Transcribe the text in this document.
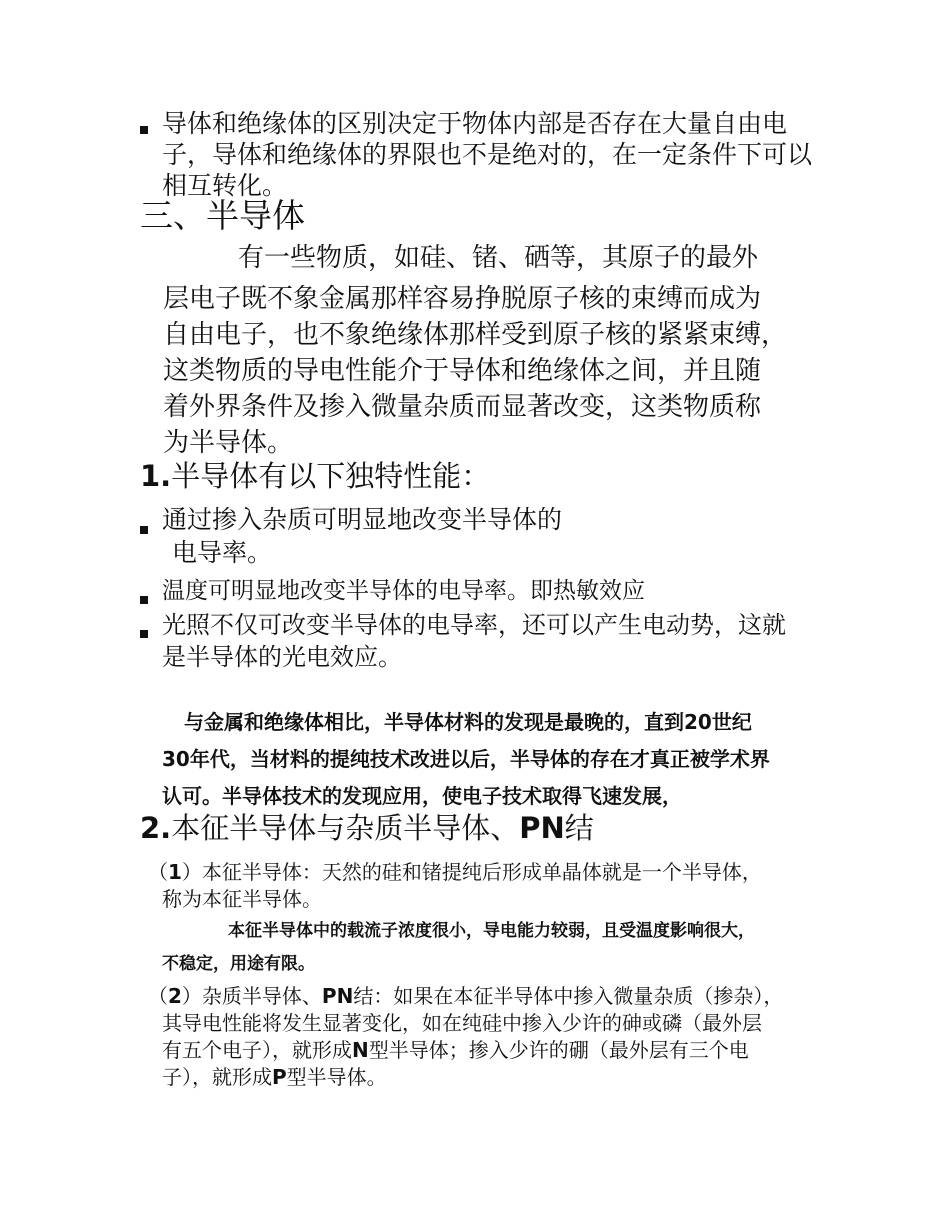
导体和绝缘体的区别决定于物体内部是否存在大量自由电
子，导体和绝缘体的界限也不是绝对的，在一定条件下可以
相互转化。
三、半导体
有一些物质，如硅、锗、硒等，其原子的最外
层电子既不象金属那样容易挣脱原子核的束缚而成为
自由电子，也不象绝缘体那样受到原子核的紧紧束缚，
这类物质的导电性能介于导体和绝缘体之间，并且随
着外界条件及掺入微量杂质而显著改变，这类物质称
为半导体。
1.半导体有以下独特性能：
通过掺入杂质可明显地改变半导体的
电导率。
温度可明显地改变半导体的电导率。即热敏效应
光照不仅可改变半导体的电导率，还可以产生电动势，这就
是半导体的光电效应。
与金属和绝缘体相比，半导体材料的发现是最晚的，直到20世纪
30年代，当材料的提纯技术改进以后，半导体的存在才真正被学术界
认可。半导体技术的发现应用，使电子技术取得飞速发展，
2.本征半导体与杂质半导体、PN结
（1）本征半导体：天然的硅和锗提纯后形成单晶体就是一个半导体，
称为本征半导体。
本征半导体中的载流子浓度很小，导电能力较弱，且受温度影响很大，
不稳定，用途有限。
（2）杂质半导体、PN结：如果在本征半导体中掺入微量杂质（掺杂），
其导电性能将发生显著变化，如在纯硅中掺入少许的砷或磷（最外层
有五个电子），就形成N型半导体；掺入少许的硼（最外层有三个电
子），就形成P型半导体。
